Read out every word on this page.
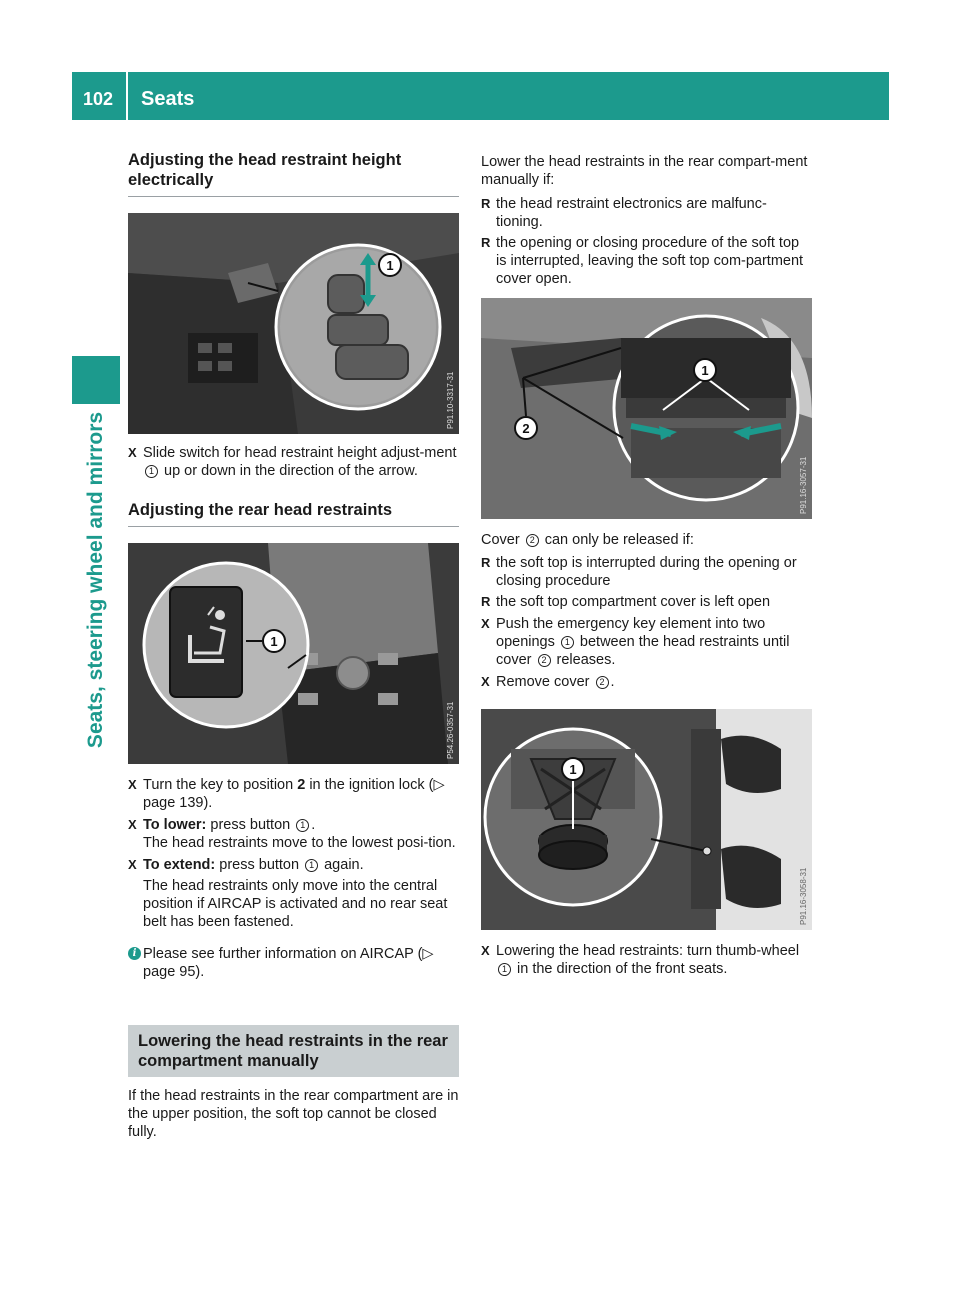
102	Seats
Seats, steering wheel and mirrors
Adjusting the head restraint height electrically
1
P91.10-3317-31

X Slide switch for head restraint height adjust-ment 1 up or down in the direction of the arrow.

Adjusting the rear head restraints
1
P54.26-0357-31

X Turn the key to position 2 in the ignition lock (▷ page 139).

X To lower: press button 1 .
The head restraints move to the lowest posi-tion.

X To extend: press button 1 again.

The head restraints only move into the central position if AIRCAP is activated and no rear seat belt has been fastened.

i Please see further information on AIRCAP (▷ page 95).

Lowering the head restraints in the rear compartment manually

If the head restraints in the rear compartment are in the upper position, the soft top cannot be closed fully.

Lower the head restraints in the rear compart-ment manually if:

R the head restraint electronics are malfunc-tioning.

R the opening or closing procedure of the soft top is interrupted, leaving the soft top com-partment cover open.

1
2
P91.16-3057-31

Cover 2 can only be released if:

R the soft top is interrupted during the opening or closing procedure

R the soft top compartment cover is left open

X Push the emergency key element into two openings 1 between the head restraints until cover 2 releases.

X Remove cover 2 .

1
P91.16-3058-31

X Lowering the head restraints: turn thumb-wheel 1 in the direction of the front seats.
